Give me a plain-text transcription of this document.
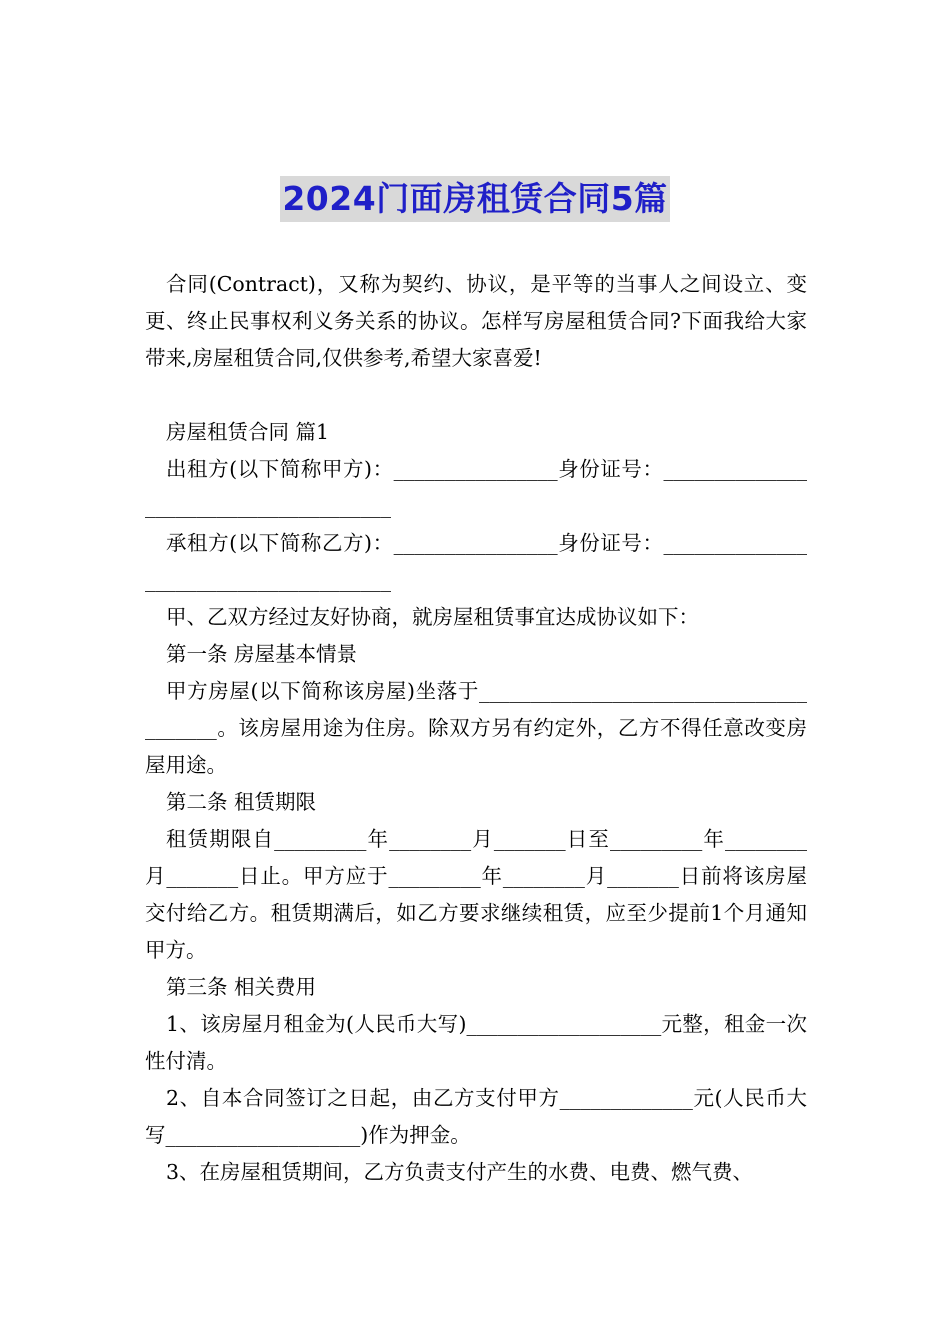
2024门面房租赁合同5篇

合同(Contract)，又称为契约、协议，是平等的当事人之间设立、变更、终止民事权利义务关系的协议。怎样写房屋租赁合同?下面我给大家带来,房屋租赁合同,仅供参考,希望大家喜爱!

房屋租赁合同 篇1

出租方(以下简称甲方)：________________身份证号：______________________________________

承租方(以下简称乙方)：________________身份证号：______________________________________

甲、乙双方经过友好协商，就房屋租赁事宜达成协议如下：

第一条 房屋基本情景

甲方房屋(以下简称该房屋)坐落于_______________________________________。该房屋用途为住房。除双方另有约定外，乙方不得任意改变房屋用途。

第二条 租赁期限

租赁期限自_________年________月_______日至_________年________月_______日止。甲方应于_________年________月_______日前将该房屋交付给乙方。租赁期满后，如乙方要求继续租赁，应至少提前1个月通知甲方。

第三条 相关费用

1、该房屋月租金为(人民币大写)___________________元整，租金一次性付清。

2、自本合同签订之日起，由乙方支付甲方_____________元(人民币大写___________________)作为押金。

3、在房屋租赁期间，乙方负责支付产生的水费、电费、燃气费、
